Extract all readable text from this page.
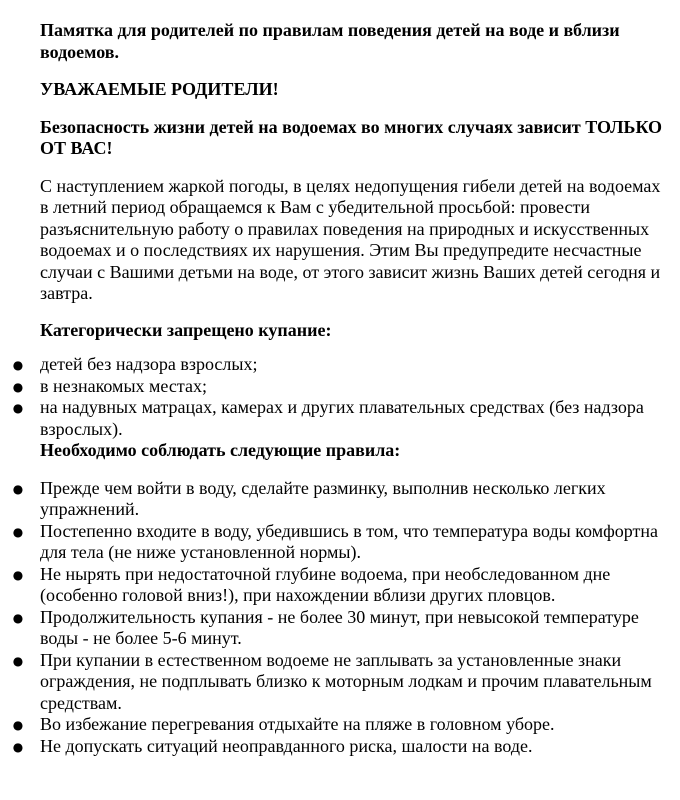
Памятка для родителей по правилам поведения детей на воде и вблизи водоемов.

УВАЖАЕМЫЕ РОДИТЕЛИ!

Безопасность жизни детей на водоемах во многих случаях зависит ТОЛЬКО ОТ ВАС!

С наступлением жаркой погоды, в целях недопущения гибели детей на водоемах в летний период обращаемся к Вам с убедительной просьбой: провести разъяснительную работу о правилах поведения на природных и искусственных водоемах и о последствиях их нарушения. Этим Вы предупредите несчастные случаи с Вашими детьми на воде, от этого зависит жизнь Ваших детей сегодня и завтра.

Категорически запрещено купание:

● детей без надзора взрослых;
● в незнакомых местах;
● на надувных матрацах, камерах и других плавательных средствах (без надзора взрослых).

Необходимо соблюдать следующие правила:

● Прежде чем войти в воду, сделайте разминку, выполнив несколько легких упражнений.
● Постепенно входите в воду, убедившись в том, что температура воды комфортна для тела (не ниже установленной нормы).
● Не нырять при недостаточной глубине водоема, при необследованном дне (особенно головой вниз!), при нахождении вблизи других пловцов.
● Продолжительность купания - не более 30 минут, при невысокой температуре воды - не более 5-6 минут.
● При купании в естественном водоеме не заплывать за установленные знаки ограждения, не подплывать близко к моторным лодкам и прочим плавательным средствам.
● Во избежание перегревания отдыхайте на пляже в головном уборе.
● Не допускать ситуаций неоправданного риска, шалости на воде.
